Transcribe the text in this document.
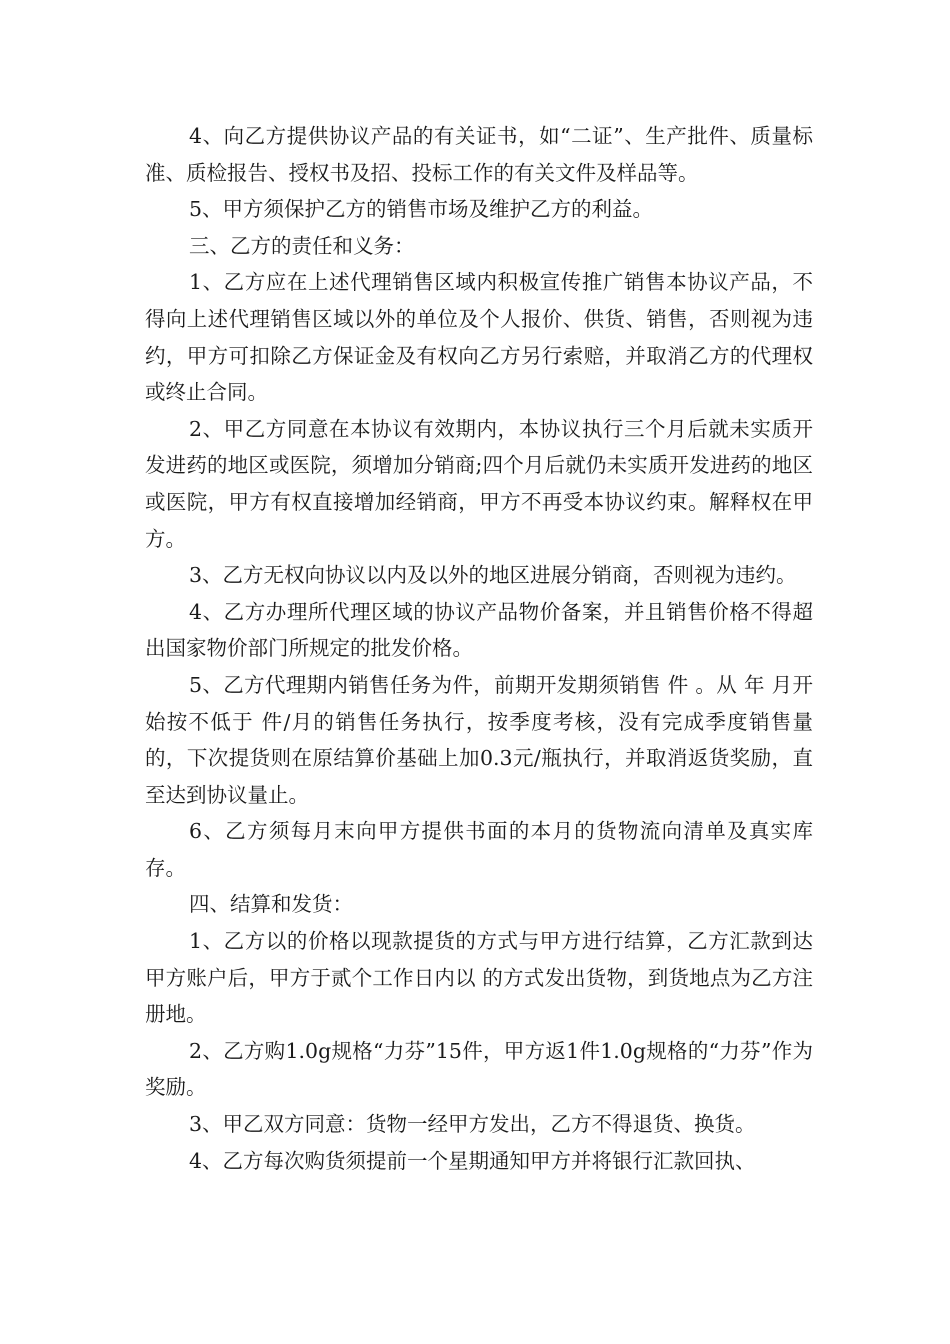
4、向乙方提供协议产品的有关证书，如“二证”、生产批件、质量标准、质检报告、授权书及招、投标工作的有关文件及样品等。

5、甲方须保护乙方的销售市场及维护乙方的利益。

三、乙方的责任和义务：

1、乙方应在上述代理销售区域内积极宣传推广销售本协议产品，不得向上述代理销售区域以外的单位及个人报价、供货、销售，否则视为违约，甲方可扣除乙方保证金及有权向乙方另行索赔，并取消乙方的代理权或终止合同。

2、甲乙方同意在本协议有效期内，本协议执行三个月后就未实质开发进药的地区或医院，须增加分销商;四个月后就仍未实质开发进药的地区或医院，甲方有权直接增加经销商，甲方不再受本协议约束。解释权在甲方。

3、乙方无权向协议以内及以外的地区进展分销商，否则视为违约。

4、乙方办理所代理区域的协议产品物价备案，并且销售价格不得超出国家物价部门所规定的批发价格。

5、乙方代理期内销售任务为件，前期开发期须销售 件 。从 年 月开始按不低于 件/月的销售任务执行，按季度考核，没有完成季度销售量的，下次提货则在原结算价基础上加0.3元/瓶执行，并取消返货奖励，直至达到协议量止。

6、乙方须每月末向甲方提供书面的本月的货物流向清单及真实库存。

四、结算和发货：

1、乙方以的价格以现款提货的方式与甲方进行结算，乙方汇款到达甲方账户后，甲方于贰个工作日内以 的方式发出货物，到货地点为乙方注册地。

2、乙方购1.0g规格“力芬”15件，甲方返1件1.0g规格的“力芬”作为奖励。

3、甲乙双方同意：货物一经甲方发出，乙方不得退货、换货。

4、乙方每次购货须提前一个星期通知甲方并将银行汇款回执、
